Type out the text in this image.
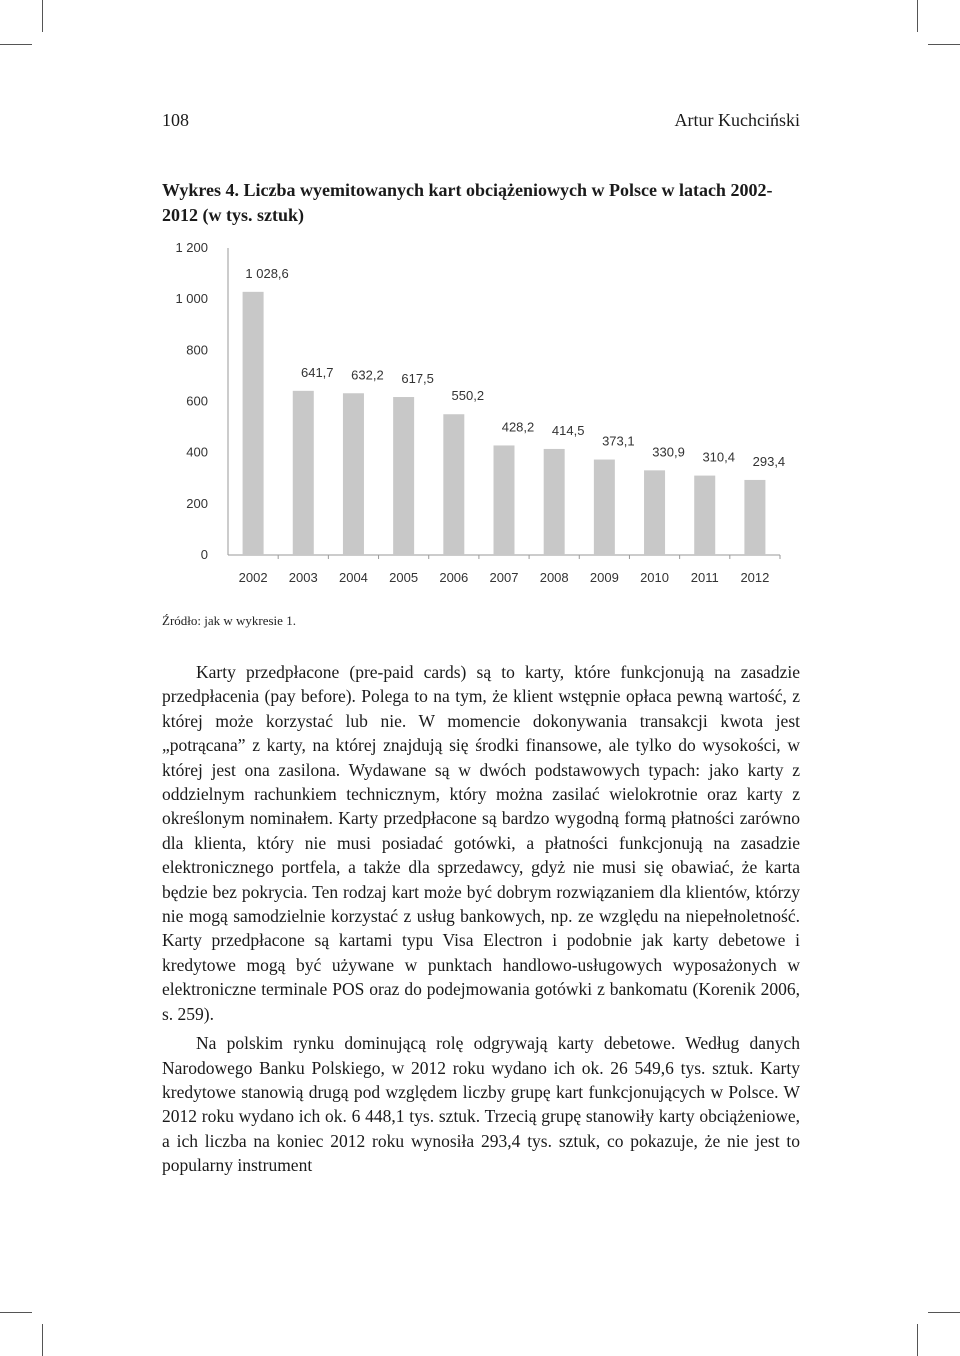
108	Artur Kuchciński
Wykres 4. Liczba wyemitowanych kart obciążeniowych w Polsce w latach 2002-2012 (w tys. sztuk)
0
200
400
600
800
1 000
1 200
2002
1 028,6
2003
641,7
2004
632,2
2005
617,5
2006
550,2
2007
428,2
2008
414,5
2009
373,1
2010
330,9
2011
310,4
2012
293,4
Źródło: jak w wykresie 1.

Karty przedpłacone (pre-paid cards) są to karty, które funkcjonują na zasadzie przedpłacenia (pay before). Polega to na tym, że klient wstępnie opłaca pewną wartość, z której może korzystać lub nie. W momencie dokonywania transakcji kwota jest „potrącana” z karty, na której znajdują się środki finansowe, ale tylko do wysokości, w której jest ona zasilona. Wydawane są w dwóch podstawowych typach: jako karty z oddzielnym rachunkiem technicznym, który można zasilać wielokrotnie oraz karty z określonym nominałem. Karty przedpłacone są bardzo wygodną formą płatności zarówno dla klienta, który nie musi posiadać gotówki, a płatności funkcjonują na zasadzie elektronicznego portfela, a także dla sprzedawcy, gdyż nie musi się obawiać, że karta będzie bez pokrycia. Ten rodzaj kart może być dobrym rozwiązaniem dla klientów, którzy nie mogą samodzielnie korzystać z usług bankowych, np. ze względu na niepełnoletność. Karty przedpłacone są kartami typu Visa Electron i podobnie jak karty debetowe i kredytowe mogą być używane w punktach handlowo-usługowych wyposażonych w elektroniczne terminale POS oraz do podejmowania gotówki z bankomatu (Korenik 2006, s. 259).

Na polskim rynku dominującą rolę odgrywają karty debetowe. Według danych Narodowego Banku Polskiego, w 2012 roku wydano ich ok. 26 549,6 tys. sztuk. Karty kredytowe stanowią drugą pod względem liczby grupę kart funkcjonujących w Polsce. W 2012 roku wydano ich ok. 6 448,1 tys. sztuk. Trzecią grupę stanowiły karty obciążeniowe, a ich liczba na koniec 2012 roku wynosiła 293,4 tys. sztuk, co pokazuje, że nie jest to popularny instrument
